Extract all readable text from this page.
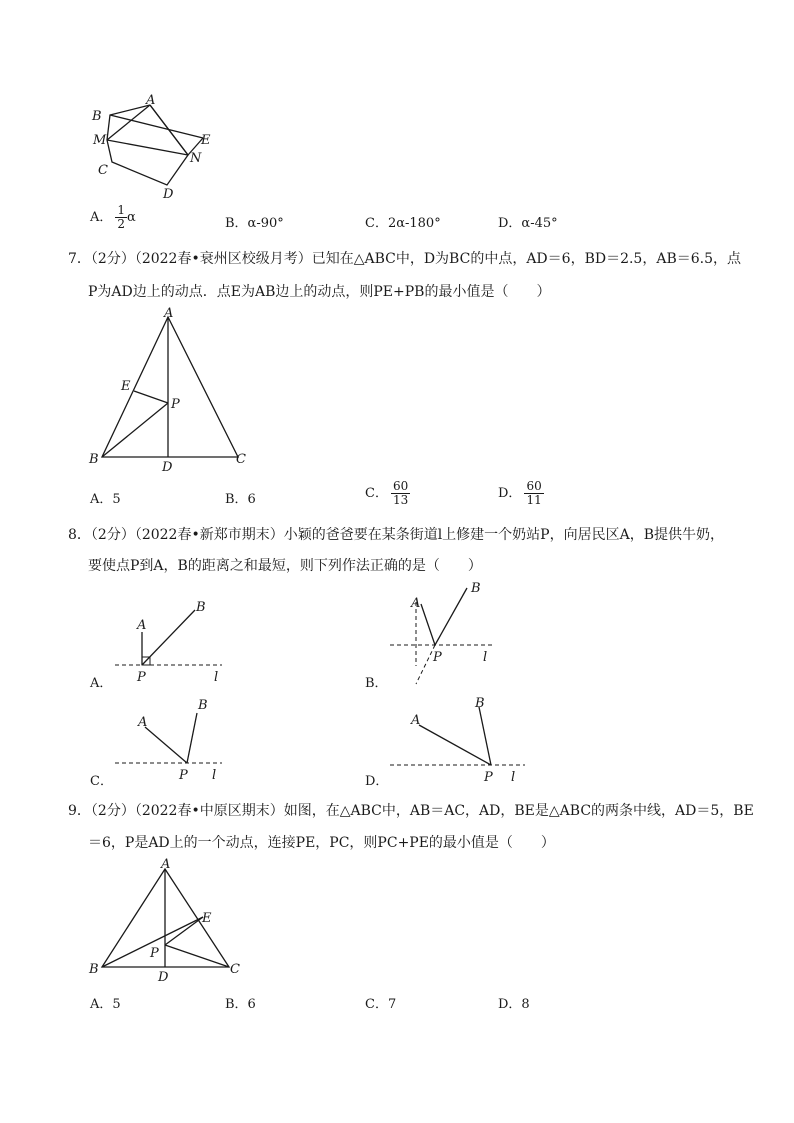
A
B
M
C
D
N
E
A． $\frac{1}{2}$ α	B．α-90°	C．2α-180°	D．α-45°
7．（2分）（2022春•衰州区校级月考）已知在△ABC中，D为BC的中点，AD＝6，BD＝2.5，AB＝6.5，点
P为AD边上的动点．点E为AB边上的动点，则PE+PB的最小值是（　　）
A
E
P
B
D
C
A．5	B．6	C． $\frac{60}{13}$	D． $\frac{60}{11}$
8．（2分）（2022春•新郑市期末）小颖的爸爸要在某条街道l上修建一个奶站P，向居民区A，B提供牛奶，
要使点P到A，B的距离之和最短，则下列作法正确的是（　　）
A．
A
B
P	l	B．
A
B
P	l
C．
A
B
P l	D．
A
B
P l
9．（2分）（2022春•中原区期末）如图，在△ABC中，AB＝AC，AD，BE是△ABC的两条中线，AD＝5，BE
＝6，P是AD上的一个动点，连接PE，PC，则PC+PE的最小值是（　　）
A
E
P
B
D
C
A．5	B．6	C．7	D．8
